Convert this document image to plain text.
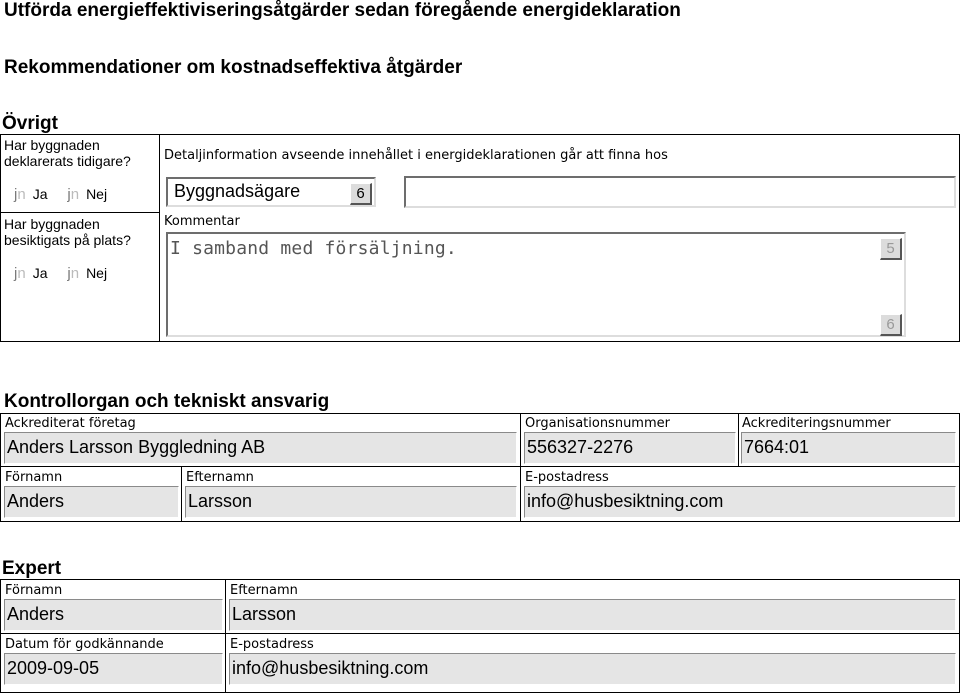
Utförda energieffektiviseringsåtgärder sedan föregående energideklaration
Rekommendationer om kostnadseffektiva åtgärder
Övrigt
Har byggnaden deklarerats tidigare?
jn Ja jn Nej
Har byggnaden besiktigats på plats?
jn Ja jn Nej
Detaljinformation avseende innehållet i energideklarationen går att finna hos
Byggnadsägare	6
Kommentar
I samband med försäljning.	5
6
Kontrollorgan och tekniskt ansvarig
Ackrediterat företag
Anders Larsson Byggledning AB
Organisationsnummer
556327-2276
Ackrediteringsnummer
7664:01
Förnamn
Anders
Efternamn
Larsson
E-postadress
info@husbesiktning.com
Expert
Förnamn
Anders
Efternamn
Larsson
Datum för godkännande
2009-09-05
E-postadress
info@husbesiktning.com
